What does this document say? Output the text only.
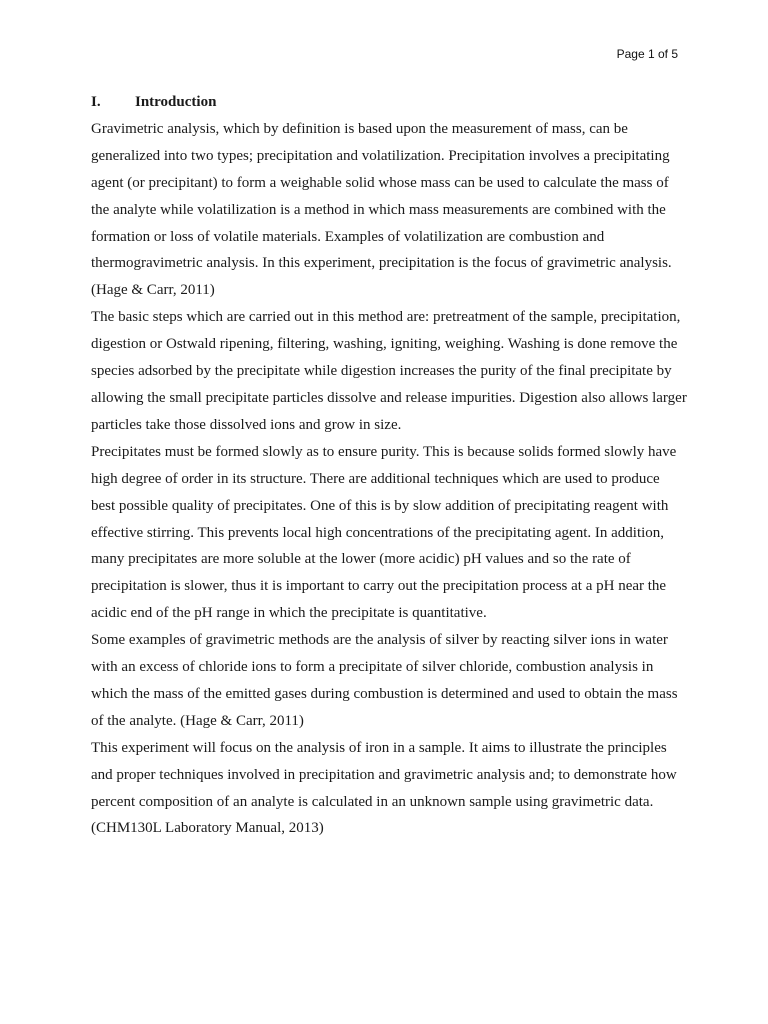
Page 1 of 5
I.	Introduction

Gravimetric analysis, which by definition is based upon the measurement of mass, can be generalized into two types; precipitation and volatilization. Precipitation involves a precipitating agent (or precipitant) to form a weighable solid whose mass can be used to calculate the mass of the analyte while volatilization is a method in which mass measurements are combined with the formation or loss of volatile materials. Examples of volatilization are combustion and thermogravimetric analysis. In this experiment, precipitation is the focus of gravimetric analysis. (Hage & Carr, 2011)

The basic steps which are carried out in this method are: pretreatment of the sample, precipitation, digestion or Ostwald ripening, filtering, washing, igniting, weighing. Washing is done remove the species adsorbed by the precipitate while digestion increases the purity of the final precipitate by allowing the small precipitate particles dissolve and release impurities. Digestion also allows larger particles take those dissolved ions and grow in size.

Precipitates must be formed slowly as to ensure purity. This is because solids formed slowly have high degree of order in its structure. There are additional techniques which are used to produce best possible quality of precipitates. One of this is by slow addition of precipitating reagent with effective stirring. This prevents local high concentrations of the precipitating agent. In addition, many precipitates are more soluble at the lower (more acidic) pH values and so the rate of precipitation is slower, thus it is important to carry out the precipitation process at a pH near the acidic end of the pH range in which the precipitate is quantitative.

Some examples of gravimetric methods are the analysis of silver by reacting silver ions in water with an excess of chloride ions to form a precipitate of silver chloride, combustion analysis in which the mass of the emitted gases during combustion is determined and used to obtain the mass of the analyte. (Hage & Carr, 2011)

This experiment will focus on the analysis of iron in a sample. It aims to illustrate the principles and proper techniques involved in precipitation and gravimetric analysis and; to demonstrate how percent composition of an analyte is calculated in an unknown sample using gravimetric data. (CHM130L Laboratory Manual, 2013)
